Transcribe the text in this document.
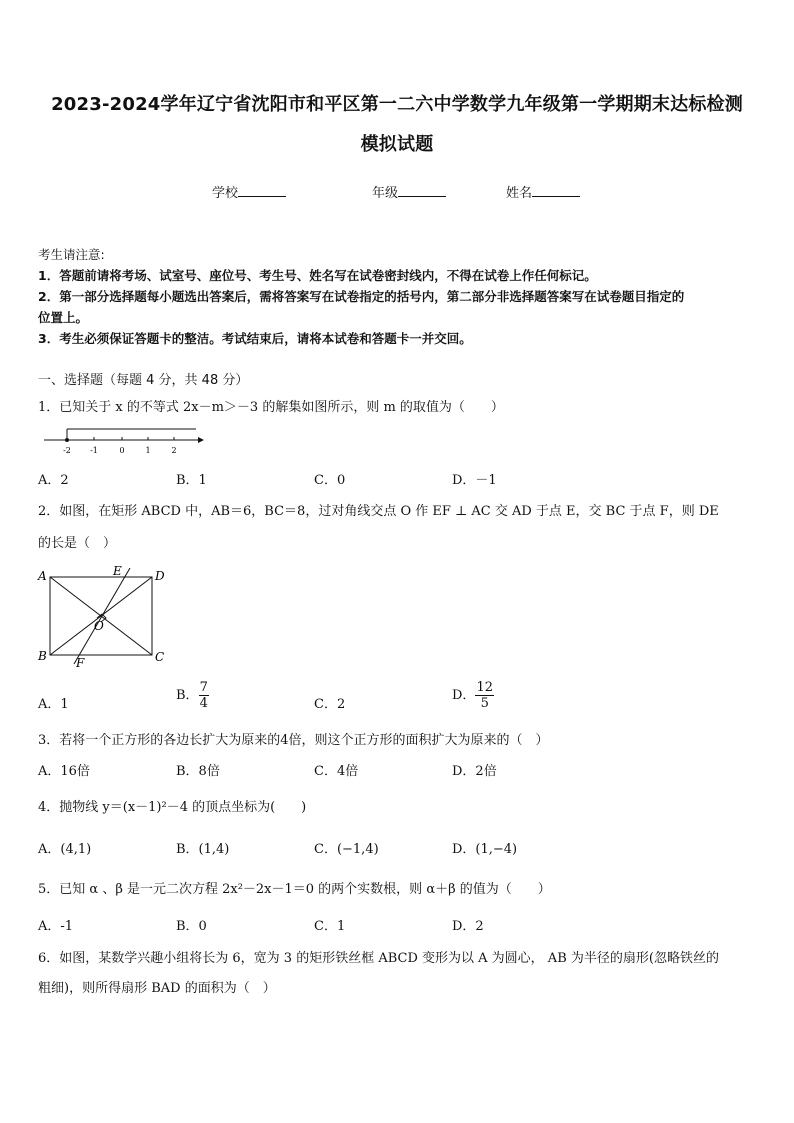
2023-2024学年辽宁省沈阳市和平区第一二六中学数学九年级第一学期期末达标检测
模拟试题
学校	年级	姓名
考生请注意:
1．答题前请将考场、试室号、座位号、考生号、姓名写在试卷密封线内，不得在试卷上作任何标记。
2．第一部分选择题每小题选出答案后，需将答案写在试卷指定的括号内，第二部分非选择题答案写在试卷题目指定的
位置上。
3．考生必须保证答题卡的整洁。考试结束后，请将本试卷和答题卡一并交回。
一、选择题（每题 4 分，共 48 分）
1．已知关于 x 的不等式 2x－m＞－3 的解集如图所示，则 m 的取值为（　　）
-2 -1	0	1	2
A．2	B．1	C．0	D．－1
2．如图，在矩形 ABCD 中，AB＝6，BC＝8，过对角线交点 O 作 EF ⊥ AC 交 AD 于点 E，交 BC 于点 F，则 DE
的长是（　）
A	D
B	C
E
F
O
A．1
B． $\frac{7}{4}$	C．2
D． $\frac{12}{5}$
3．若将一个正方形的各边长扩大为原来的4倍，则这个正方形的面积扩大为原来的（　）
A．16倍	B．8倍	C．4倍	D．2倍
4．抛物线 y＝(x－1)²－4 的顶点坐标为(　　)
A．(4,1)	B．(1,4)	C．(−1,4)	D．(1,−4)
5．已知 α 、β 是一元二次方程 2x²－2x－1＝0 的两个实数根，则 α＋β 的值为（　　）
A．-1	B．0	C．1	D．2
6．如图，某数学兴趣小组将长为 6，宽为 3 的矩形铁丝框 ABCD 变形为以 A 为圆心， AB 为半径的扇形(忽略铁丝的
粗细)，则所得扇形 BAD 的面积为（　）
